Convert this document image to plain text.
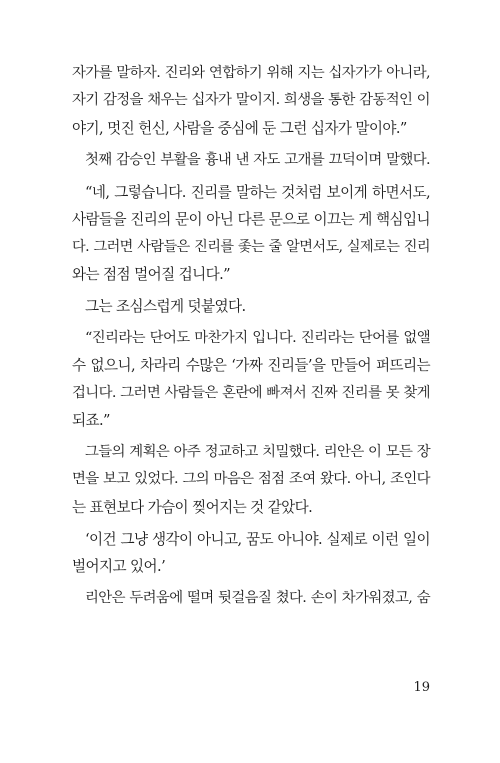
자가를 말하자. 진리와 연합하기 위해 지는 십자가가 아니라,
자기 감정을 채우는 십자가 말이지. 희생을 통한 감동적인 이
야기, 멋진 헌신, 사람을 중심에 둔 그런 십자가 말이야.”
첫째 감승인 부활을 흉내 낸 자도 고개를 끄덕이며 말했다.
“네, 그렇습니다. 진리를 말하는 것처럼 보이게 하면서도,
사람들을 진리의 문이 아닌 다른 문으로 이끄는 게 핵심입니
다. 그러면 사람들은 진리를 좇는 줄 알면서도, 실제로는 진리
와는 점점 멀어질 겁니다.”
그는 조심스럽게 덧붙였다.
“진리라는 단어도 마찬가지 입니다. 진리라는 단어를 없앨
수 없으니, 차라리 수많은 ‘가짜 진리들’을 만들어 퍼뜨리는
겁니다. 그러면 사람들은 혼란에 빠져서 진짜 진리를 못 찾게
되죠.”
그들의 계획은 아주 정교하고 치밀했다. 리안은 이 모든 장
면을 보고 있었다. 그의 마음은 점점 조여 왔다. 아니, 조인다
는 표현보다 가슴이 찢어지는 것 같았다.
‘이건 그냥 생각이 아니고, 꿈도 아니야. 실제로 이런 일이
벌어지고 있어.’
리안은 두려움에 떨며 뒷걸음질 쳤다. 손이 차가워졌고, 숨
19
